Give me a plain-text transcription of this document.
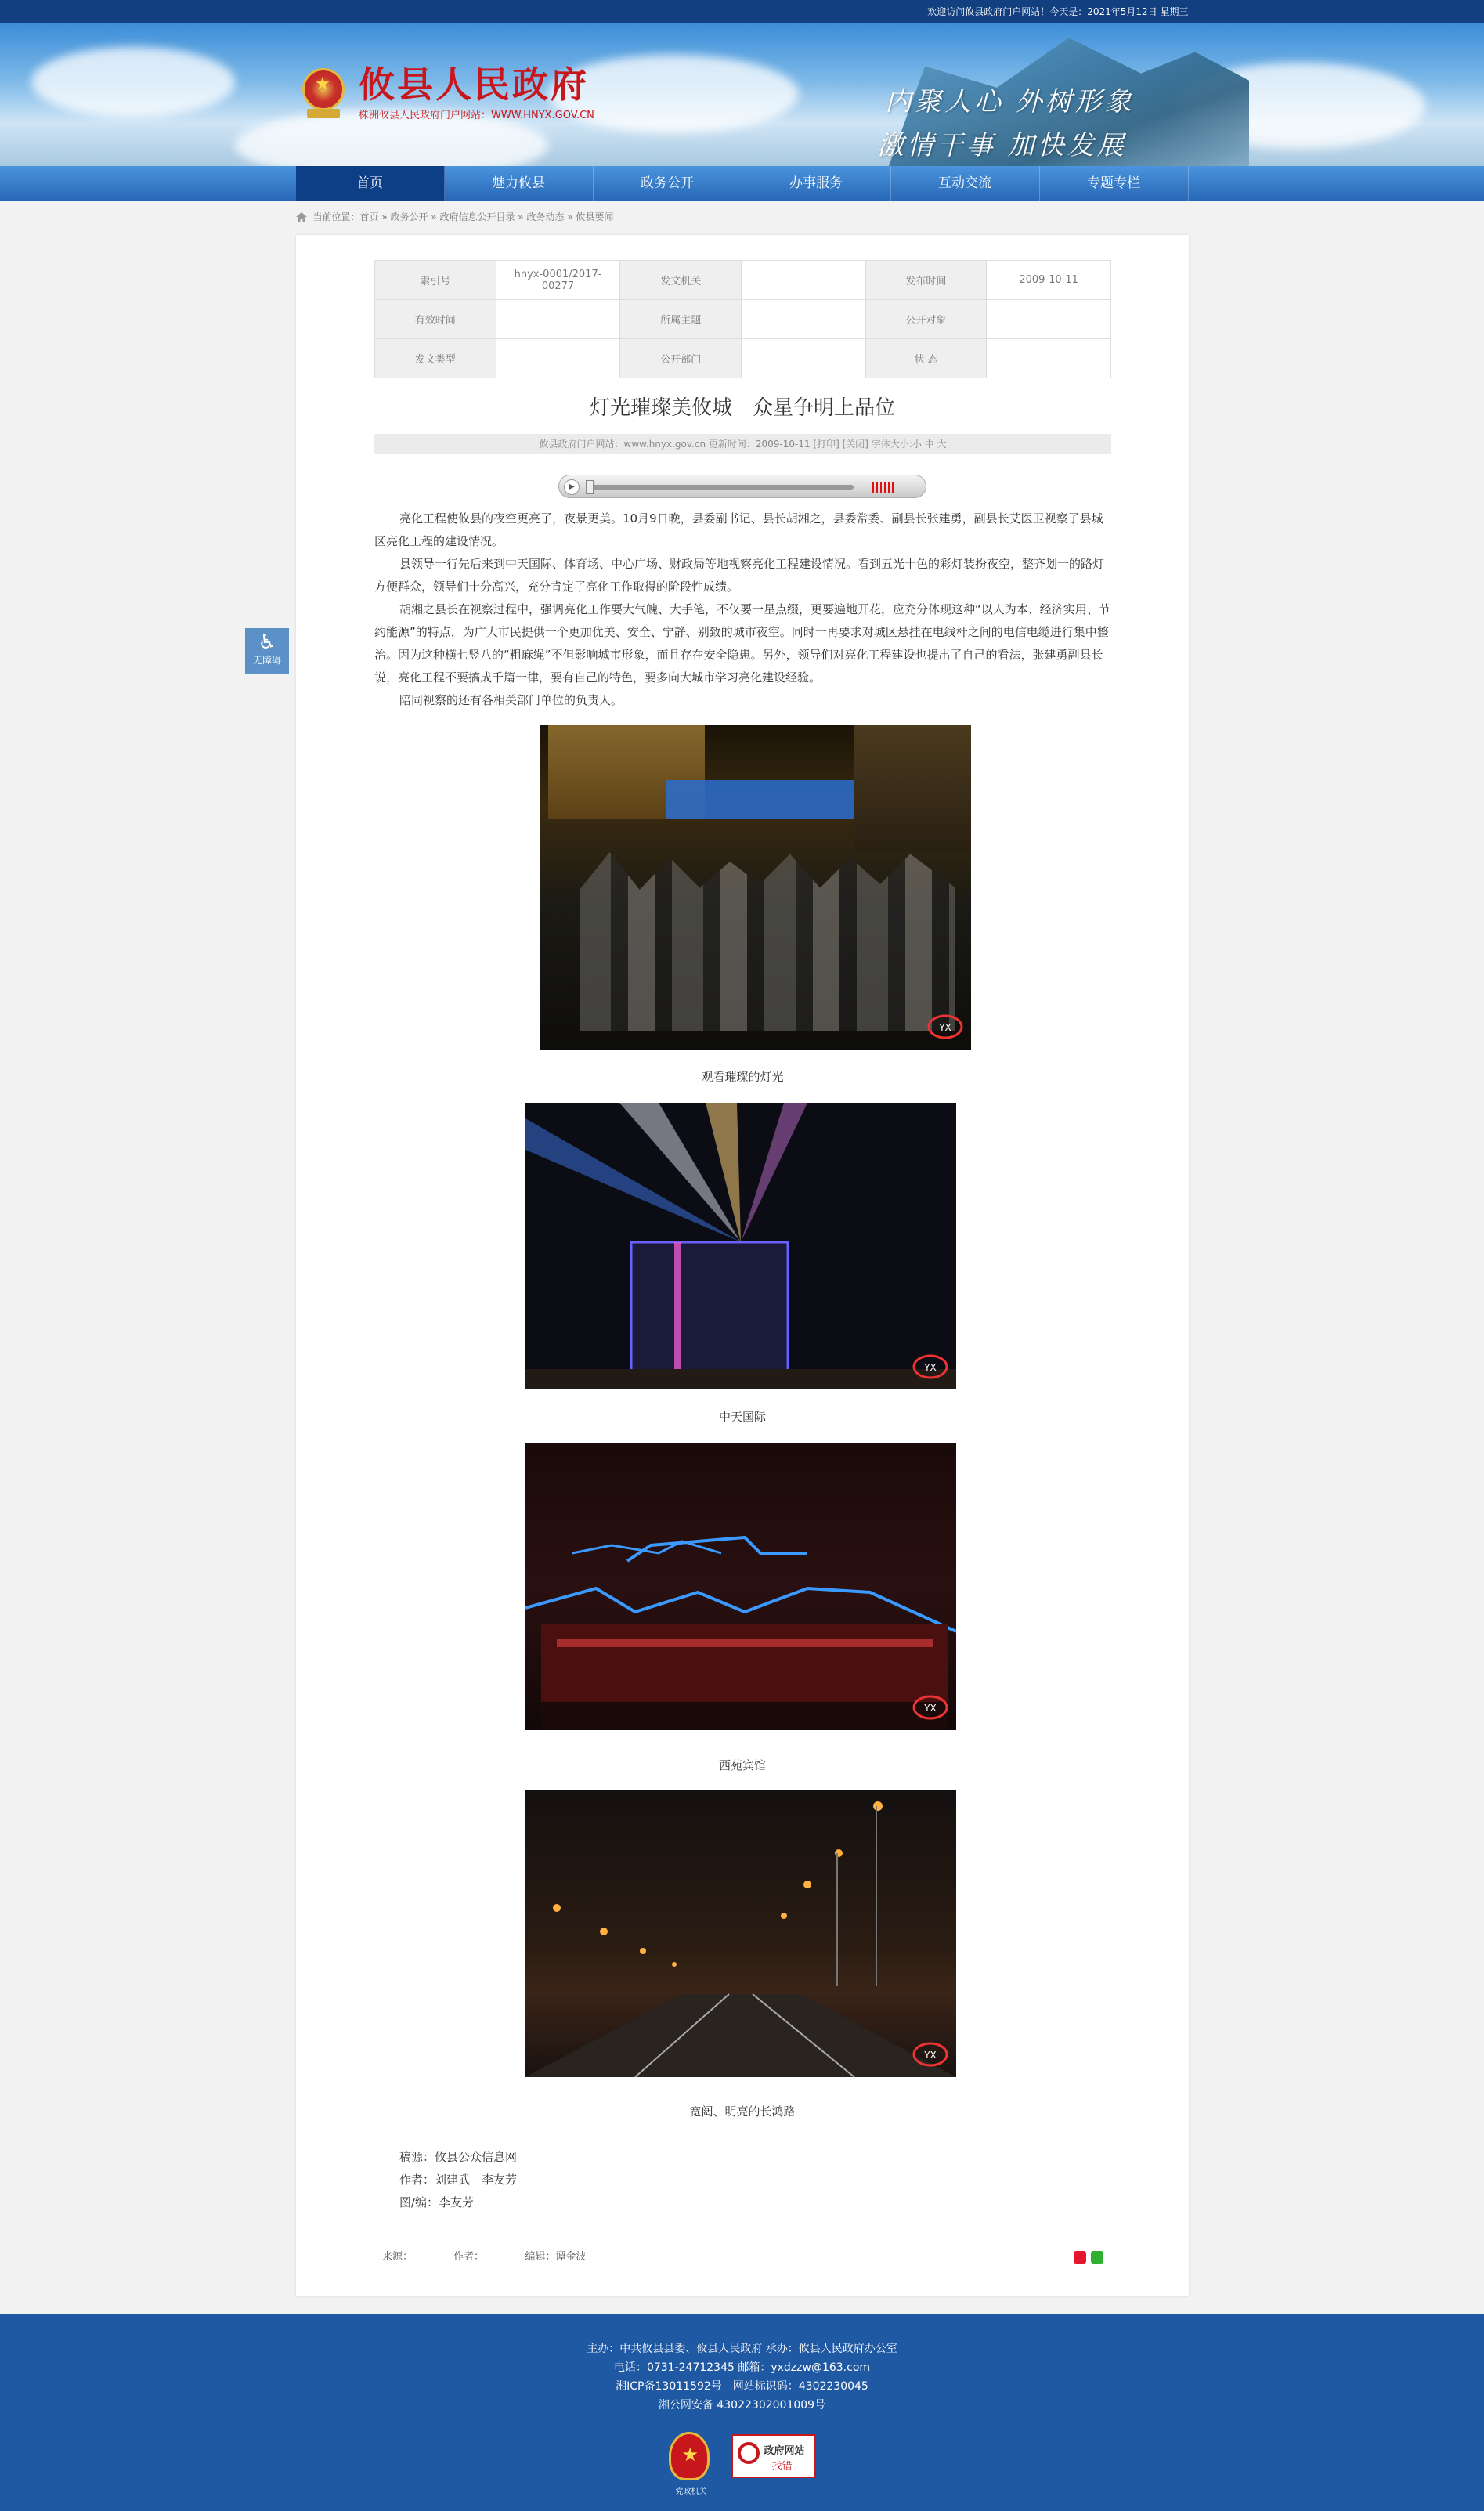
欢迎访问攸县政府门户网站！今天是：2021年5月12日 星期三
★ 攸县人民政府
株洲攸县人民政府门户网站：WWW.HNYX.GOV.CN	内聚人心 外树形象
激情干事 加快发展
首页	魅力攸县	政务公开	办事服务	互动交流	专题专栏
当前位置： 首页 » 政务公开 » 政府信息公开目录 » 政务动态 » 攸县要闻
♿
无障碍
索引号	hnyx-0001/2017-00277	发文机关		发布时间	2009-10-11
有效时间		所属主题		公开对象	
发文类型		公开部门		状 态	
灯光璀璨美攸城　众星争明上品位
攸县政府门户网站：www.hnyx.gov.cn 更新时间：2009-10-11 [打印] [关闭] 字体大小:小 中 大
▶

亮化工程使攸县的夜空更亮了，夜景更美。10月9日晚，县委副书记、县长胡湘之，县委常委、副县长张建勇，副县长艾医卫视察了县城区亮化工程的建设情况。

县领导一行先后来到中天国际、体育场、中心广场、财政局等地视察亮化工程建设情况。看到五光十色的彩灯装扮夜空，整齐划一的路灯方便群众，领导们十分高兴，充分肯定了亮化工作取得的阶段性成绩。

胡湘之县长在视察过程中，强调亮化工作要大气魄、大手笔，不仅要一星点缀，更要遍地开花，应充分体现这种“以人为本、经济实用、节约能源”的特点，为广大市民提供一个更加优美、安全、宁静、别致的城市夜空。同时一再要求对城区悬挂在电线杆之间的电信电缆进行集中整治。因为这种横七竖八的“粗麻绳”不但影响城市形象，而且存在安全隐患。另外，领导们对亮化工程建设也提出了自己的看法，张建勇副县长说，亮化工程不要搞成千篇一律，要有自己的特色，要多向大城市学习亮化建设经验。

陪同视察的还有各相关部门单位的负责人。

YX
观看璀璨的灯光
YX
中天国际
YX
西苑宾馆
YX
宽阔、明亮的长鸿路
稿源：攸县公众信息网
作者：刘建武　李友芳
图/编：李友芳
来源：	作者：	编辑：谭金波
主办：中共攸县县委、攸县人民政府 承办：攸县人民政府办公室
电话：0731-24712345 邮箱：yxdzzw@163.com
湘ICP备13011592号　网站标识码：4302230045
湘公网安备 43022302001009号
★
党政机关
政府网站
找错
